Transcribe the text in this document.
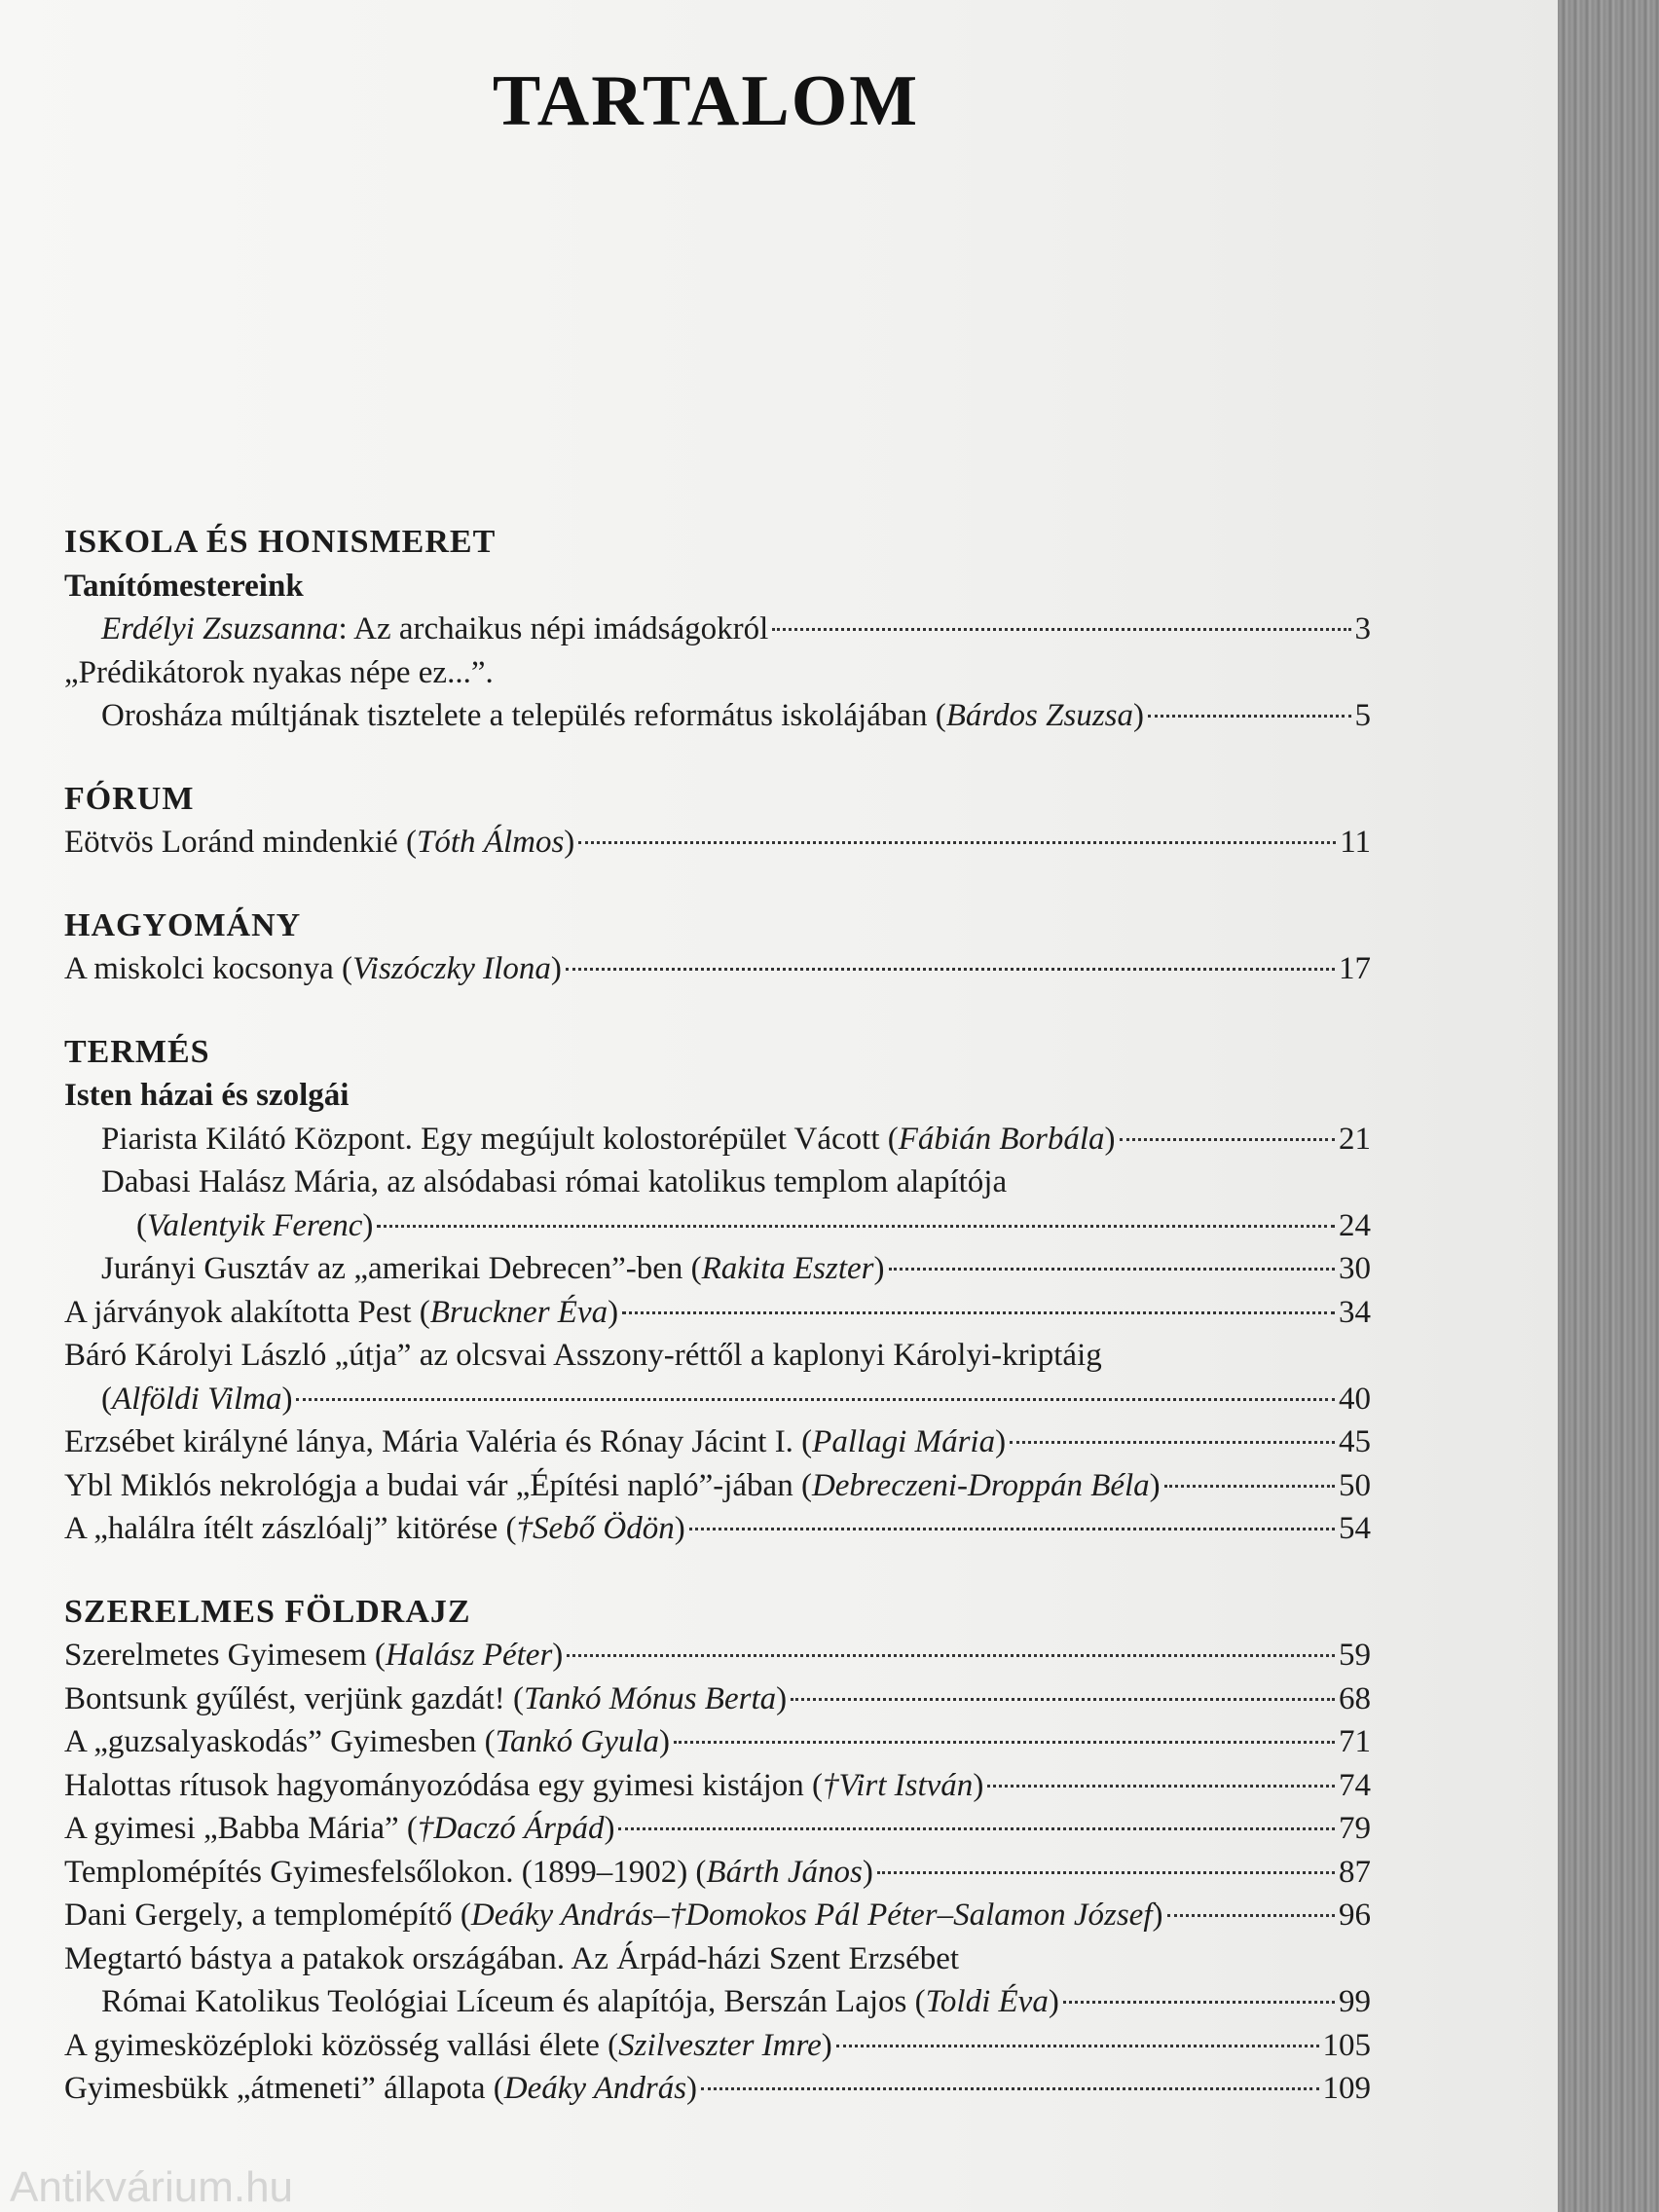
TARTALOM
ISKOLA ÉS HONISMERET
Tanítómestereink
Erdélyi Zsuzsanna: Az archaikus népi imádságokról	3
„Prédikátorok nyakas népe ez...”.
Orosháza múltjának tisztelete a település református iskolájában (Bárdos Zsuzsa)	5
FÓRUM
Eötvös Loránd mindenkié (Tóth Álmos)	11
HAGYOMÁNY
A miskolci kocsonya (Viszóczky Ilona)	17
TERMÉS
Isten házai és szolgái
Piarista Kilátó Központ. Egy megújult kolostorépület Vácott (Fábián Borbála)	21
Dabasi Halász Mária, az alsódabasi római katolikus templom alapítója
(Valentyik Ferenc)	24
Jurányi Gusztáv az „amerikai Debrecen”-ben (Rakita Eszter)	30
A járványok alakította Pest (Bruckner Éva)	34
Báró Károlyi László „útja” az olcsvai Asszony-réttől a kaplonyi Károlyi-kriptáig
(Alföldi Vilma)	40
Erzsébet királyné lánya, Mária Valéria és Rónay Jácint I. (Pallagi Mária)	45
Ybl Miklós nekrológja a budai vár „Építési napló”-jában (Debreczeni-Droppán Béla)	50
A „halálra ítélt zászlóalj” kitörése (†Sebő Ödön)	54
SZERELMES FÖLDRAJZ
Szerelmetes Gyimesem (Halász Péter)	59
Bontsunk gyűlést, verjünk gazdát! (Tankó Mónus Berta)	68
A „guzsalyaskodás” Gyimesben (Tankó Gyula)	71
Halottas rítusok hagyományozódása egy gyimesi kistájon (†Virt István)	74
A gyimesi „Babba Mária” (†Daczó Árpád)	79
Templomépítés Gyimesfelsőlokon. (1899–1902) (Bárth János)	87
Dani Gergely, a templomépítő (Deáky András–†Domokos Pál Péter–Salamon József)	96
Megtartó bástya a patakok országában. Az Árpád-házi Szent Erzsébet
Római Katolikus Teológiai Líceum és alapítója, Berszán Lajos (Toldi Éva)	99
A gyimesközéploki közösség vallási élete (Szilveszter Imre)	105
Gyimesbükk „átmeneti” állapota (Deáky András)	109
Antikvárium.hu
